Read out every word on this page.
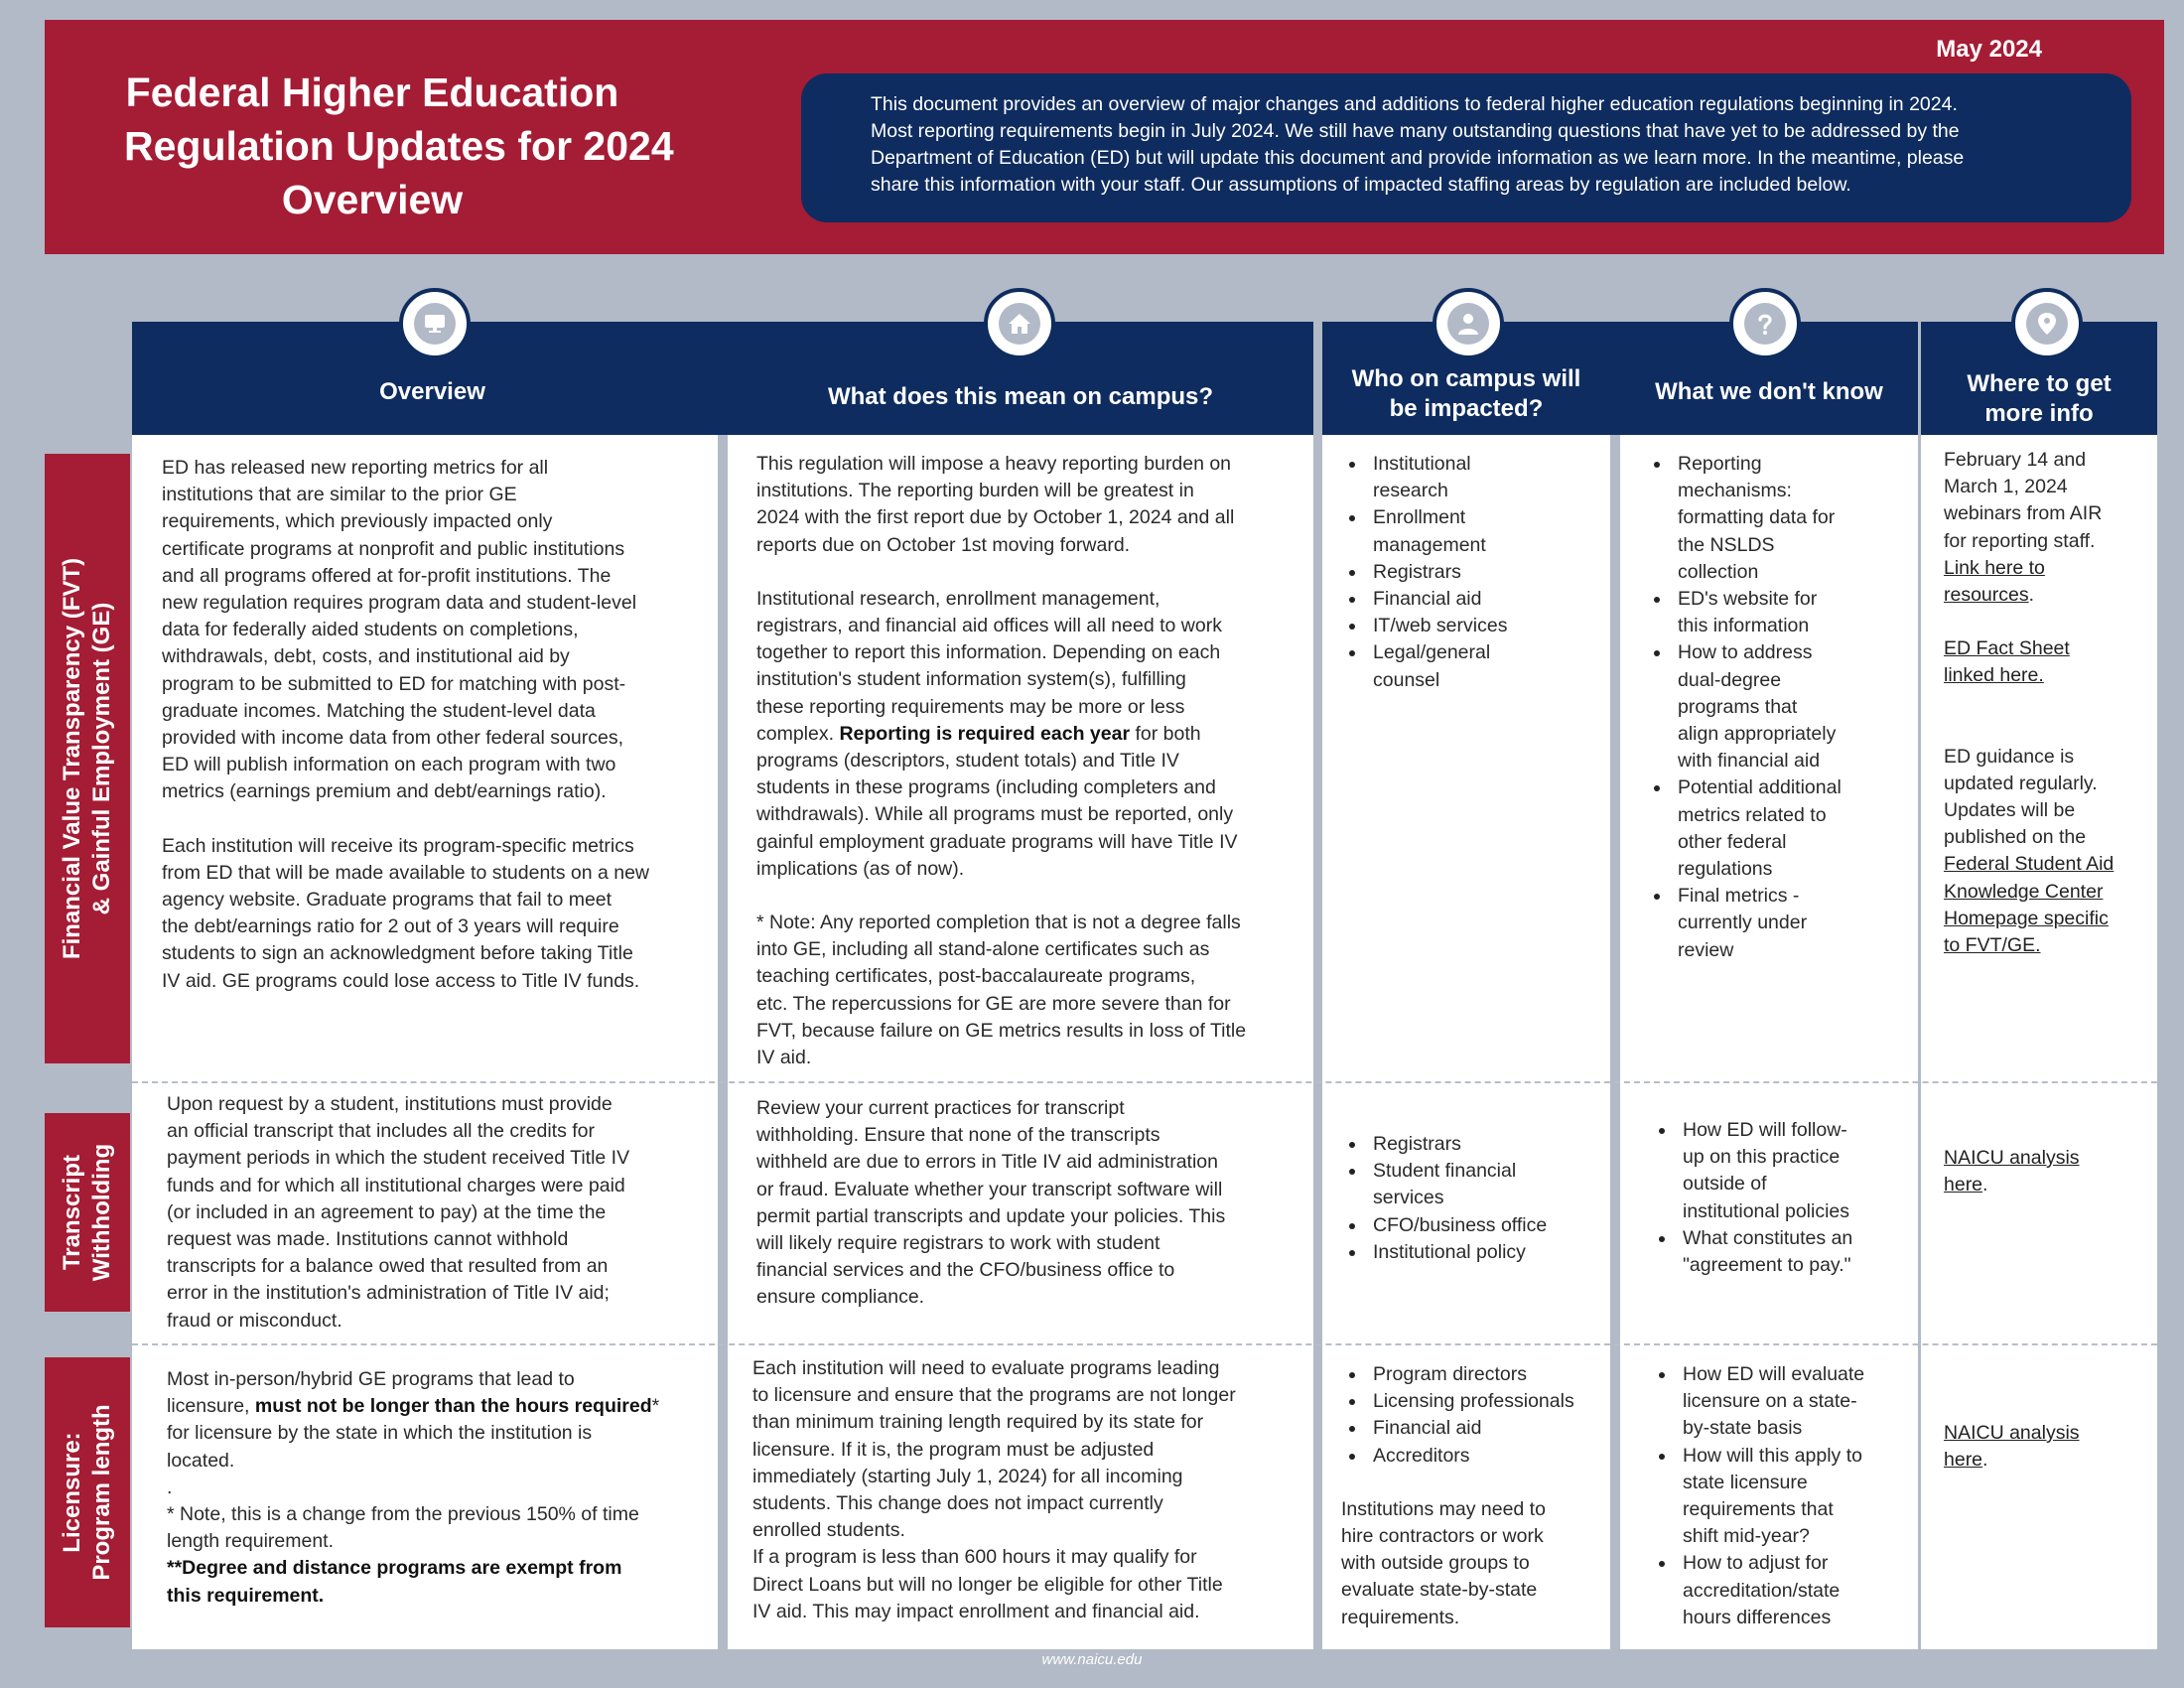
Federal Higher Education
Regulation Updates for 2024
Overview
May 2024
This document provides an overview of major changes and additions to federal higher education regulations beginning in 2024.
Most reporting requirements begin in July 2024. We still have many outstanding questions that have yet to be addressed by the
Department of Education (ED) but will update this document and provide information as we learn more. In the meantime, please
share this information with your staff. Our assumptions of impacted staffing areas by regulation are included below.
Overview	What does this mean on campus?
Who on campus will
be impacted?
What we don't know	Where to get
more info
Financial Value Transparency (FVT) & Gainful Employment (GE)
Transcript Withholding
Licensure: Program length

ED has released new reporting metrics for all
institutions that are similar to the prior GE
requirements, which previously impacted only
certificate programs at nonprofit and public institutions
and all programs offered at for-profit institutions. The
new regulation requires program data and student-level
data for federally aided students on completions,
withdrawals, debt, costs, and institutional aid by
program to be submitted to ED for matching with post-
graduate incomes. Matching the student-level data
provided with income data from other federal sources,
ED will publish information on each program with two
metrics (earnings premium and debt/earnings ratio).

Each institution will receive its program-specific metrics
from ED that will be made available to students on a new
agency website. Graduate programs that fail to meet
the debt/earnings ratio for 2 out of 3 years will require
students to sign an acknowledgment before taking Title
IV aid. GE programs could lose access to Title IV funds.

This regulation will impose a heavy reporting burden on
institutions. The reporting burden will be greatest in
2024 with the first report due by October 1, 2024 and all
reports due on October 1st moving forward.

Institutional research, enrollment management,
registrars, and financial aid offices will all need to work
together to report this information. Depending on each
institution's student information system(s), fulfilling
these reporting requirements may be more or less
complex. Reporting is required each year for both
programs (descriptors, student totals) and Title IV
students in these programs (including completers and
withdrawals). While all programs must be reported, only
gainful employment graduate programs will have Title IV
implications (as of now).

* Note: Any reported completion that is not a degree falls
into GE, including all stand-alone certificates such as
teaching certificates, post-baccalaureate programs,
etc. The repercussions for GE are more severe than for
FVT, because failure on GE metrics results in loss of Title
IV aid.

Institutional
research
Enrollment
management
Registrars
Financial aid
IT/web services
Legal/general
counsel
Reporting
mechanisms:
formatting data for
the NSLDS
collection
ED's website for
this information
How to address
dual-degree
programs that
align appropriately
with financial aid
Potential additional
metrics related to
other federal
regulations
Final metrics -
currently under
review

February 14 and
March 1, 2024
webinars from AIR
for reporting staff.
Link here to
resources.

ED Fact Sheet
linked here.

ED guidance is
updated regularly.
Updates will be
published on the
Federal Student Aid
Knowledge Center
Homepage specific
to FVT/GE.

Upon request by a student, institutions must provide
an official transcript that includes all the credits for
payment periods in which the student received Title IV
funds and for which all institutional charges were paid
(or included in an agreement to pay) at the time the
request was made. Institutions cannot withhold
transcripts for a balance owed that resulted from an
error in the institution's administration of Title IV aid;
fraud or misconduct.

Review your current practices for transcript
withholding. Ensure that none of the transcripts
withheld are due to errors in Title IV aid administration
or fraud. Evaluate whether your transcript software will
permit partial transcripts and update your policies. This
will likely require registrars to work with student
financial services and the CFO/business office to
ensure compliance.

Registrars
Student financial
services
CFO/business office
Institutional policy
How ED will follow-
up on this practice
outside of
institutional policies
What constitutes an
"agreement to pay."

NAICU analysis
here.

Most in-person/hybrid GE programs that lead to
licensure, must not be longer than the hours required*
for licensure by the state in which the institution is
located.
.
* Note, this is a change from the previous 150% of time
length requirement.
**Degree and distance programs are exempt from
this requirement.

Each institution will need to evaluate programs leading
to licensure and ensure that the programs are not longer
than minimum training length required by its state for
licensure. If it is, the program must be adjusted
immediately (starting July 1, 2024) for all incoming
students. This change does not impact currently
enrolled students.
If a program is less than 600 hours it may qualify for
Direct Loans but will no longer be eligible for other Title
IV aid. This may impact enrollment and financial aid.

Program directors
Licensing professionals
Financial aid
Accreditors

Institutions may need to
hire contractors or work
with outside groups to
evaluate state-by-state
requirements.

How ED will evaluate
licensure on a state-
by-state basis
How will this apply to
state licensure
requirements that
shift mid-year?
How to adjust for
accreditation/state
hours differences

NAICU analysis
here.

www.naicu.edu
